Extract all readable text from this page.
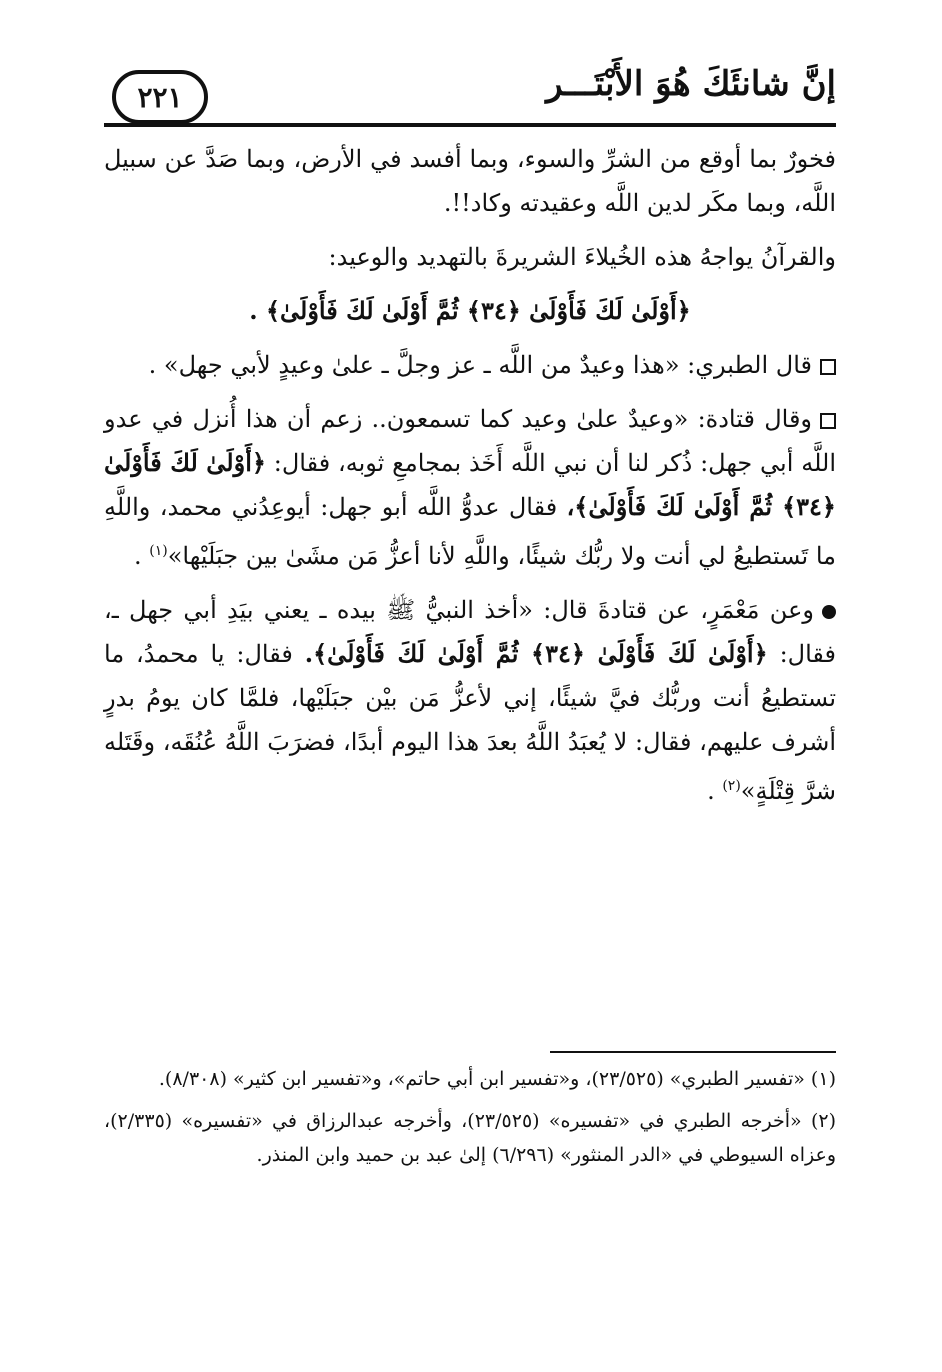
٢٢١	إنَّ شانئَكَ هُوَ الأَبْتَـــر

فخورٌ بما أوقع من الشرِّ والسوء، وبما أفسد في الأرض، وبما صَدَّ عن سبيل اللَّه، وبما مكَر لدين اللَّه وعقيدته وكاد!!.

والقرآنُ يواجهُ هذه الخُيلاءَ الشريرةَ بالتهديد والوعيد:

﴿أَوْلَىٰ لَكَ فَأَوْلَىٰ ﴿٣٤﴾ ثُمَّ أَوْلَىٰ لَكَ فَأَوْلَىٰ﴾ .

قال الطبري: «هذا وعيدٌ من اللَّه ـ عز وجلَّ ـ علىٰ وعيدٍ لأبي جهل» .

وقال قتادة: «وعيدٌ علىٰ وعيد كما تسمعون.. زعم أن هذا أُنزل في عدو اللَّه أبي جهل: ذُكر لنا أن نبي اللَّه أَخَذ بمجامعِ ثوبه، فقال: ﴿أَوْلَىٰ لَكَ فَأَوْلَىٰ ﴿٣٤﴾ ثُمَّ أَوْلَىٰ لَكَ فَأَوْلَىٰ﴾، فقال عدوُّ اللَّه أبو جهل: أيوعِدُني محمد، واللَّهِ ما تَستطيعُ لي أنت ولا ربُّك شيئًا، واللَّهِ لأنا أعزُّ مَن مشَىٰ بين جبَلَيْها»$^{(١)}$ .

وعن مَعْمَرٍ، عن قتادةَ قال: «أخذ النبيُّ ﷺ بيده ـ يعني بيَدِ أبي جهل ـ، فقال: ﴿أَوْلَىٰ لَكَ فَأَوْلَىٰ ﴿٣٤﴾ ثُمَّ أَوْلَىٰ لَكَ فَأَوْلَىٰ﴾. فقال: يا محمدُ، ما تستطيعُ أنت وربُّك فيَّ شيئًا، إني لأعزُّ مَن بيْن جبَلَيْها، فلمَّا كان يومُ بدرٍ أشرف عليهم، فقال: لا يُعبَدُ اللَّهُ بعدَ هذا اليوم أبدًا، فضرَبَ اللَّهُ عُنُقَه، وقَتَله شرَّ قِتْلَةٍ»$^{(٢)}$ .

(١) «تفسير الطبري» (٢٣/٥٢٥)، و«تفسير ابن أبي حاتم»، و«تفسير ابن كثير» (٨/٣٠٨).

(٢) «أخرجه الطبري في «تفسيره» (٢٣/٥٢٥)، وأخرجه عبدالرزاق في «تفسيره» (٢/٣٣٥)، وعزاه السيوطي في «الدر المنثور» (٦/٢٩٦) إلىٰ عبد بن حميد وابن المنذر.
